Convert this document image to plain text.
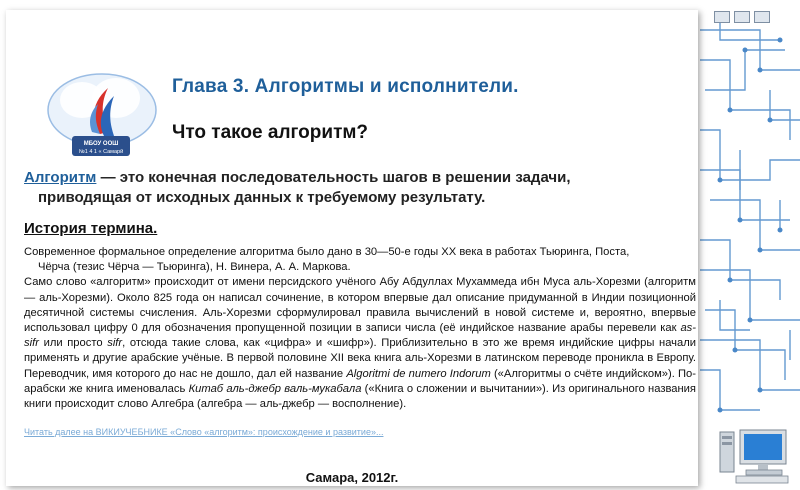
МБОУ ООШ
№1 4 1 « Самарй
Глава 3. Алгоритмы и исполнители.
Что такое алгоритм?
Алгоритм — это конечная последовательность шагов в решении задачи,
приводящая от исходных данных к требуемому результату.
История термина.

Современное формальное определение алгоритма было дано в 30—50-е годы XX века в работах Тьюринга, Поста,
Чёрча (тезис Чёрча — Тьюринга), Н. Винера, А. А. Маркова.

Само слово «алгоритм» происходит от имени персидского учёного Абу Абдуллах Мухаммеда ибн Муса аль-Хорезми (алгоритм — аль-Хорезми). Около 825 года он написал сочинение, в котором впервые дал описание придуманной в Индии позиционной десятичной системы счисления. Аль-Хорезми сформулировал правила вычислений в новой системе и, вероятно, впервые использовал цифру 0 для обозначения пропущенной позиции в записи числа (её индийское название арабы перевели как as-sifr или просто sifr, отсюда такие слова, как «цифра» и «шифр»). Приблизительно в это же время индийские цифры начали применять и другие арабские учёные. В первой половине XII века книга аль-Хорезми в латинском переводе проникла в Европу. Переводчик, имя которого до нас не дошло, дал ей название Algoritmi de numero Indorum («Алгоритмы о счёте индийском»). По-арабски же книга именовалась Китаб аль-джебр валь-мукабала («Книга о сложении и вычитании»). Из оригинального названия книги происходит слово Алгебра (алгебра — аль-джебр — восполнение).

Читать далее на ВИКИУЧЕБНИКЕ «Слово «алгоритм»: происхождение и развитие»...
Самара, 2012г.
